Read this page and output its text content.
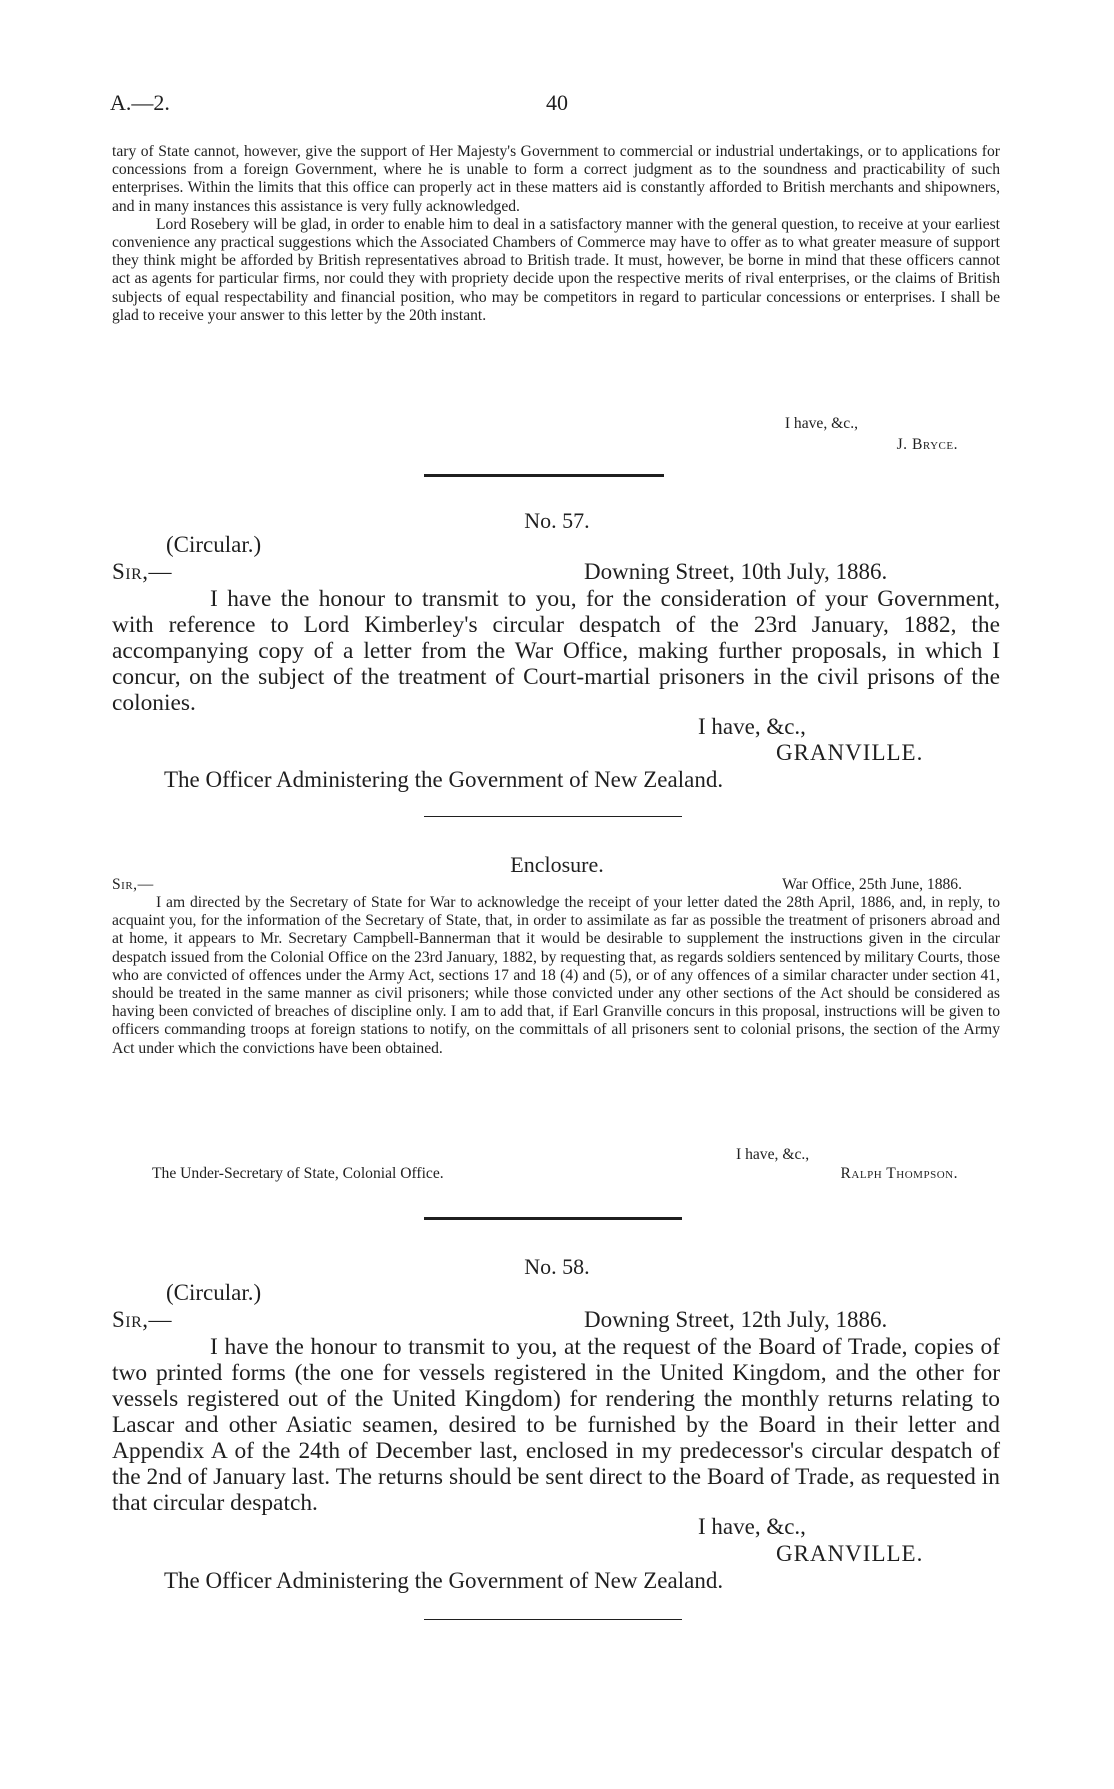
A.—2.	40

tary of State cannot, however, give the support of Her Majesty's Government to commercial or industrial undertakings, or to applications for concessions from a foreign Government, where he is unable to form a correct judgment as to the soundness and practicability of such enterprises. Within the limits that this office can properly act in these matters aid is constantly afforded to British merchants and shipowners, and in many instances this assistance is very fully acknowledged.

Lord Rosebery will be glad, in order to enable him to deal in a satisfactory manner with the general question, to receive at your earliest convenience any practical suggestions which the Associated Chambers of Commerce may have to offer as to what greater measure of support they think might be afforded by British representatives abroad to British trade. It must, however, be borne in mind that these officers cannot act as agents for particular firms, nor could they with propriety decide upon the respective merits of rival enterprises, or the claims of British subjects of equal respectability and financial position, who may be competitors in regard to particular concessions or enterprises. I shall be glad to receive your answer to this letter by the 20th instant.

I have, &c.,
J. Bryce.
No. 57.
(Circular.)
Sir,—	Downing Street, 10th July, 1886.
I have the honour to transmit to you, for the consideration of your Government, with reference to Lord Kimberley's circular despatch of the 23rd January, 1882, the accompanying copy of a letter from the War Office, making further proposals, in which I concur, on the subject of the treatment of Court-martial prisoners in the civil prisons of the colonies.
I have, &c.,
GRANVILLE.
The Officer Administering the Government of New Zealand.
Enclosure.
Sir,—	War Office, 25th June, 1886.

I am directed by the Secretary of State for War to acknowledge the receipt of your letter dated the 28th April, 1886, and, in reply, to acquaint you, for the information of the Secretary of State, that, in order to assimilate as far as possible the treatment of prisoners abroad and at home, it appears to Mr. Secretary Campbell-Bannerman that it would be desirable to supplement the instructions given in the circular despatch issued from the Colonial Office on the 23rd January, 1882, by requesting that, as regards soldiers sentenced by military Courts, those who are convicted of offences under the Army Act, sections 17 and 18 (4) and (5), or of any offences of a similar character under section 41, should be treated in the same manner as civil prisoners; while those convicted under any other sections of the Act should be considered as having been convicted of breaches of discipline only. I am to add that, if Earl Granville concurs in this proposal, instructions will be given to officers commanding troops at foreign stations to notify, on the committals of all prisoners sent to colonial prisons, the section of the Army Act under which the convictions have been obtained.

I have, &c.,
The Under-Secretary of State, Colonial Office.	Ralph Thompson.
No. 58.
(Circular.)
Sir,—	Downing Street, 12th July, 1886.
I have the honour to transmit to you, at the request of the Board of Trade, copies of two printed forms (the one for vessels registered in the United Kingdom, and the other for vessels registered out of the United Kingdom) for rendering the monthly returns relating to Lascar and other Asiatic seamen, desired to be furnished by the Board in their letter and Appendix A of the 24th of December last, enclosed in my predecessor's circular despatch of the 2nd of January last. The returns should be sent direct to the Board of Trade, as requested in that circular despatch.
I have, &c.,
GRANVILLE.
The Officer Administering the Government of New Zealand.
